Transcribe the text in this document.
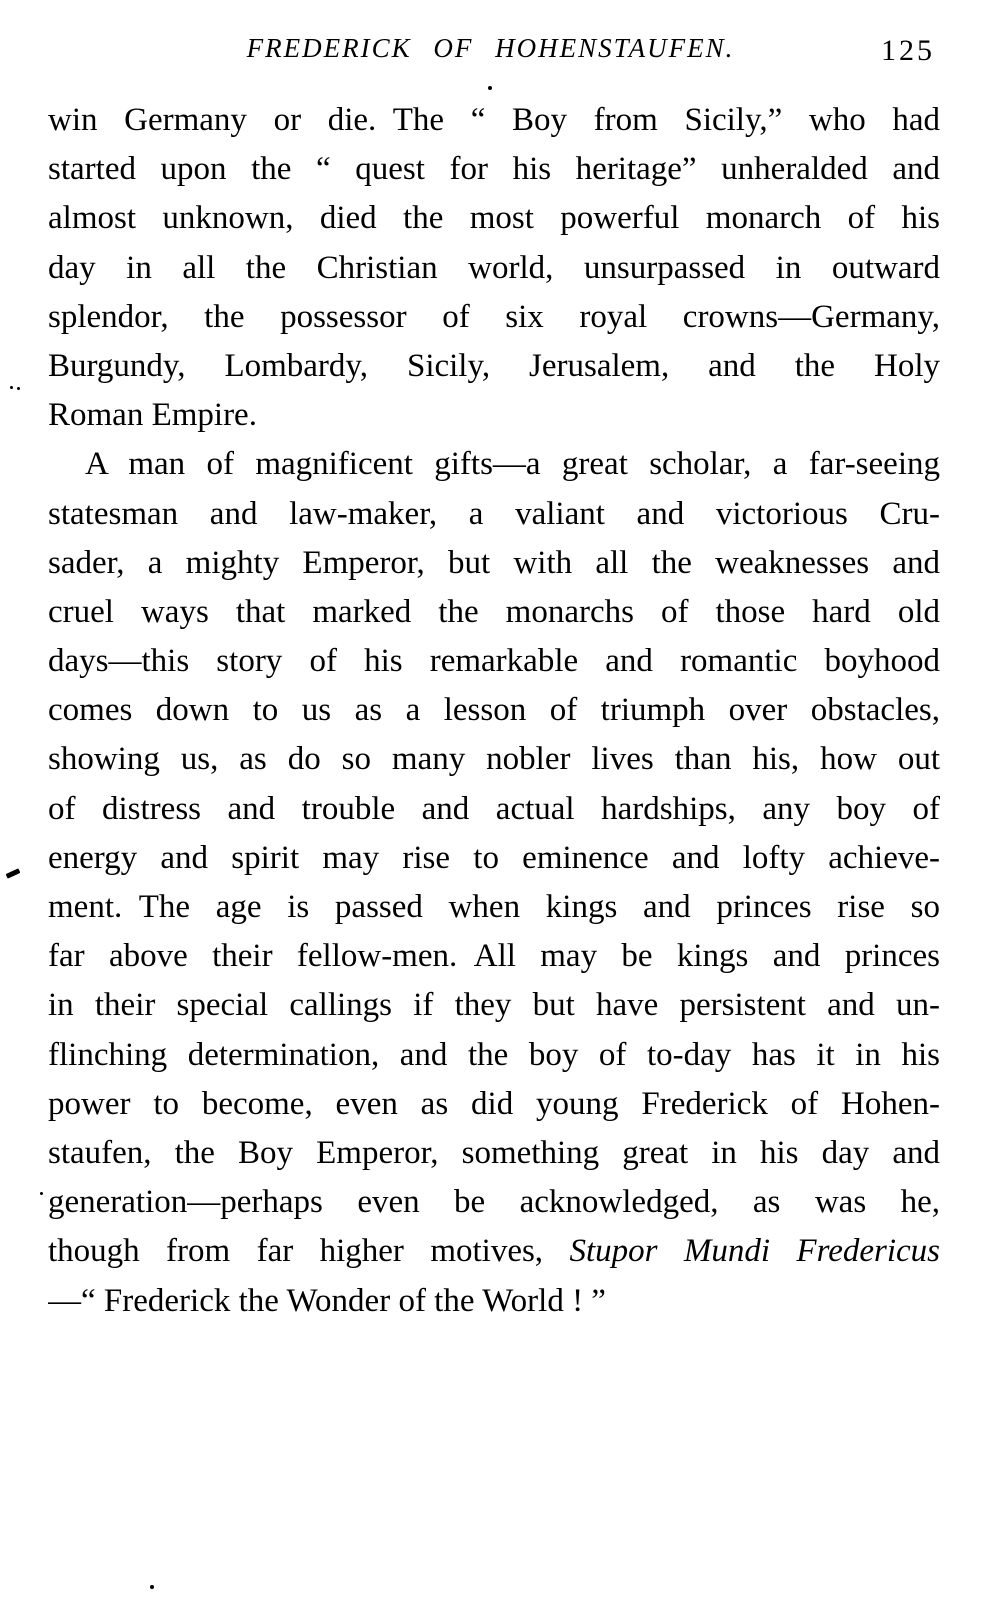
FREDERICK OF HOHENSTAUFEN.	125
win Germany or die. The “ Boy from Sicily,” who had
started upon the “ quest for his heritage” unheralded and
almost unknown, died the most powerful monarch of his
day in all the Christian world, unsurpassed in outward
splendor, the possessor of six royal crowns—Germany,
Burgundy, Lombardy, Sicily, Jerusalem, and the Holy
Roman Empire.
A man of magnificent gifts—a great scholar, a far-seeing
statesman and law-maker, a valiant and victorious Cru-
sader, a mighty Emperor, but with all the weaknesses and
cruel ways that marked the monarchs of those hard old
days—this story of his remarkable and romantic boyhood
comes down to us as a lesson of triumph over obstacles,
showing us, as do so many nobler lives than his, how out
of distress and trouble and actual hardships, any boy of
energy and spirit may rise to eminence and lofty achieve-
ment. The age is passed when kings and princes rise so
far above their fellow-men. All may be kings and princes
in their special callings if they but have persistent and un-
flinching determination, and the boy of to-day has it in his
power to become, even as did young Frederick of Hohen-
staufen, the Boy Emperor, something great in his day and
generation—perhaps even be acknowledged, as was he,
though from far higher motives, Stupor Mundi Fredericus
—“ Frederick the Wonder of the World ! ”
